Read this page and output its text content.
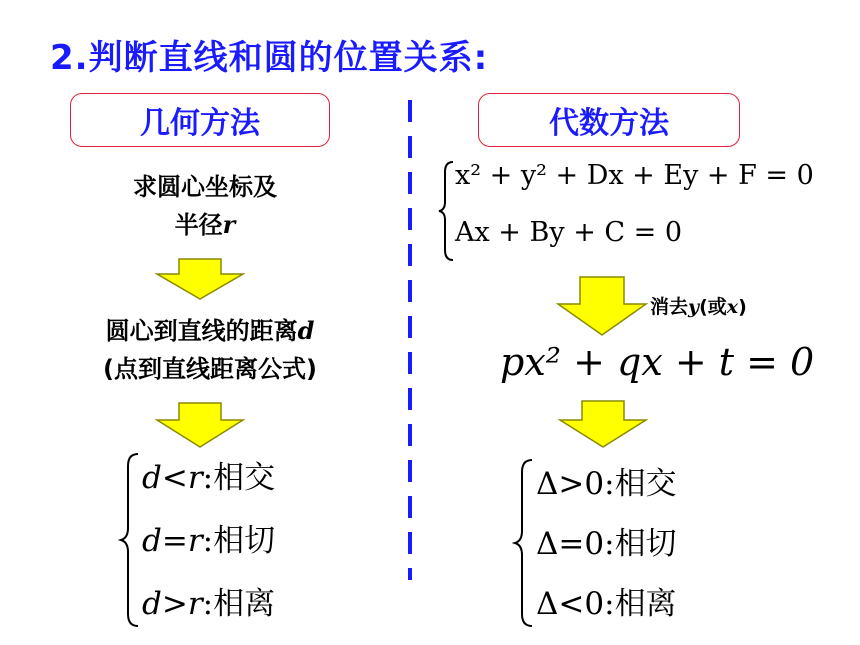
2.判断直线和圆的位置关系:
几何方法	代数方法
求圆心坐标及
半径r
圆心到直线的距离d
(点到直线距离公式)
d<r:相交
d=r:相切
d>r:相离
x² + y² + Dx + Ey + F = 0
Ax + By + C = 0
消去y(或x)
px² + qx + t = 0
Δ>0:相交
Δ=0:相切
Δ<0:相离
